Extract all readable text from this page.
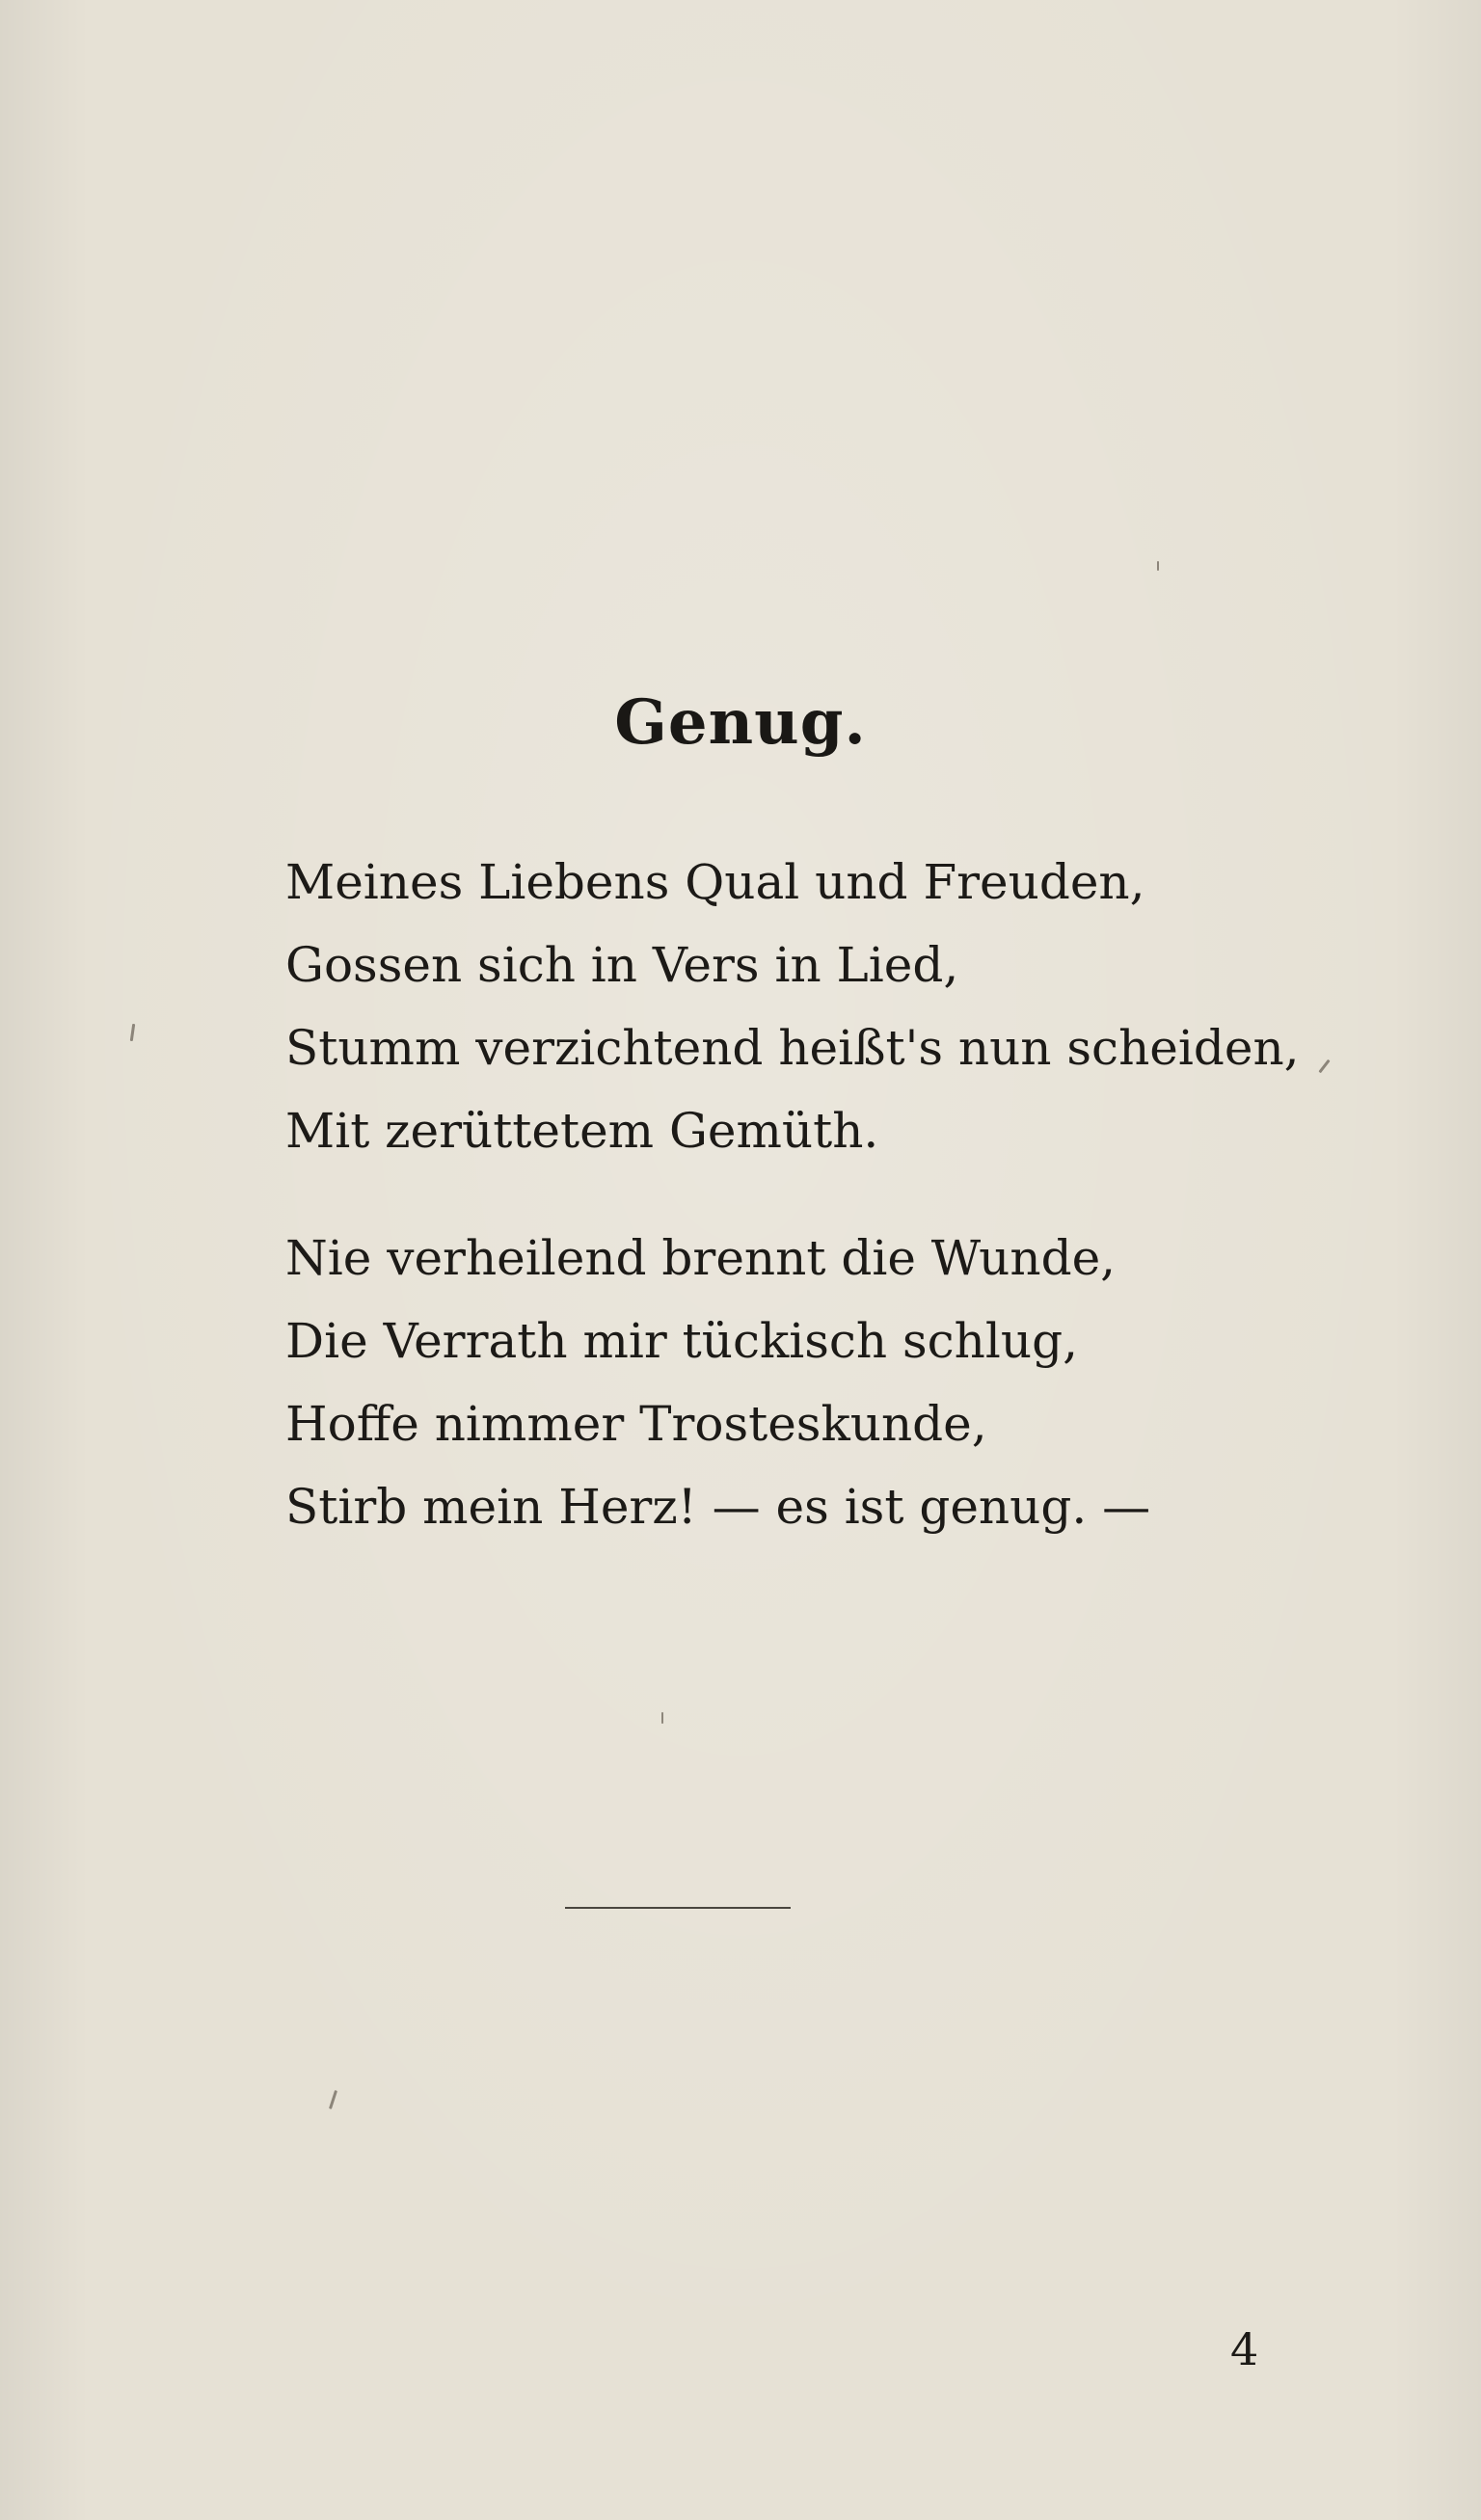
Genug.
Meines Liebens Qual und Freuden,
Gossen sich in Vers in Lied,
Stumm verzichtend heißt's nun scheiden,
Mit zerüttetem Gemüth.
Nie verheilend brennt die Wunde,
Die Verrath mir tückisch schlug,
Hoffe nimmer Trosteskunde,
Stirb mein Herz! — es ist genug. —
4
